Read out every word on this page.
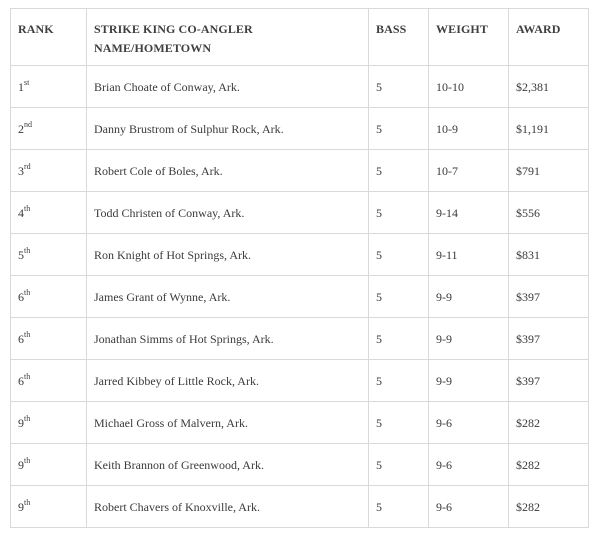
RANK	STRIKE KING CO-ANGLER NAME/HOMETOWN	BASS	WEIGHT	AWARD
1st	Brian Choate of Conway, Ark.	5	10-10	$2,381
2nd	Danny Brustrom of Sulphur Rock, Ark.	5	10-9	$1,191
3rd	Robert Cole of Boles, Ark.	5	10-7	$791
4th	Todd Christen of Conway, Ark.	5	9-14	$556
5th	Ron Knight of Hot Springs, Ark.	5	9-11	$831
6th	James Grant of Wynne, Ark.	5	9-9	$397
6th	Jonathan Simms of Hot Springs, Ark.	5	9-9	$397
6th	Jarred Kibbey of Little Rock, Ark.	5	9-9	$397
9th	Michael Gross of Malvern, Ark.	5	9-6	$282
9th	Keith Brannon of Greenwood, Ark.	5	9-6	$282
9th	Robert Chavers of Knoxville, Ark.	5	9-6	$282
